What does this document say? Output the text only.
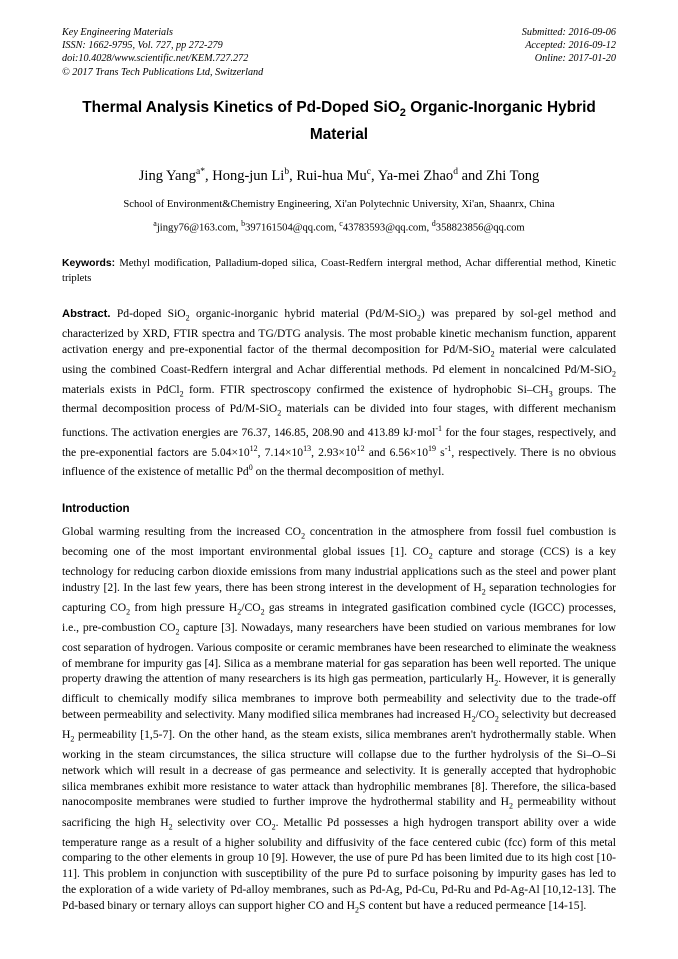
Key Engineering Materials
ISSN: 1662-9795, Vol. 727, pp 272-279
doi:10.4028/www.scientific.net/KEM.727.272
© 2017 Trans Tech Publications Ltd, Switzerland
Submitted: 2016-09-06
Accepted: 2016-09-12
Online: 2017-01-20
Thermal Analysis Kinetics of Pd-Doped SiO$_2$ Organic-Inorganic Hybrid Material
Jing Yang$^{a*}$, Hong-jun Li$^b$, Rui-hua Mu$^c$, Ya-mei Zhao$^d$ and Zhi Tong
School of Environment&Chemistry Engineering, Xi'an Polytechnic University, Xi'an, Shaanrx, China
$^a$jingy76@163.com, $^b$397161504@qq.com, $^c$43783593@qq.com, $^d$358823856@qq.com
Keywords: Methyl modification, Palladium-doped silica, Coast-Redfern intergral method, Achar differential method, Kinetic triplets
Abstract. Pd-doped SiO$_2$ organic-inorganic hybrid material (Pd/M-SiO$_2$) was prepared by sol-gel method and characterized by XRD, FTIR spectra and TG/DTG analysis. The most probable kinetic mechanism function, apparent activation energy and pre-exponential factor of the thermal decomposition for Pd/M-SiO$_2$ material were calculated using the combined Coast-Redfern intergral and Achar differential methods. Pd element in noncalcined Pd/M-SiO$_2$ materials exists in PdCl$_2$ form. FTIR spectroscopy confirmed the existence of hydrophobic $Si-CH_3$ groups. The thermal decomposition process of Pd/M-SiO$_2$ materials can be divided into four stages, with different mechanism functions. The activation energies are 76.37, 146.85, 208.90 and 413.89 kJ·mol$^{-1}$ for the four stages, respectively, and the pre-exponential factors are $5.04\times 10^{12}$, $7.14\times 10^{13}$, $2.93\times 10^{12}$ and $6.56\times 10^{19}$ $s^{-1}$, respectively. There is no obvious influence of the existence of metallic Pd$^0$ on the thermal decomposition of methyl.
Introduction
Global warming resulting from the increased $CO_2$ concentration in the atmosphere from fossil fuel combustion is becoming one of the most important environmental global issues [1]. $CO_2$ capture and storage (CCS) is a key technology for reducing carbon dioxide emissions from many industrial applications such as the steel and power plant industry [2]. In the last few years, there has been strong interest in the development of $H_2$ separation technologies for capturing $CO_2$ from high pressure $H_2/CO_2$ gas streams in integrated gasification combined cycle (IGCC) processes, i.e., pre-combustion $CO_2$ capture [3]. Nowadays, many researchers have been studied on various membranes for low cost separation of hydrogen. Various composite or ceramic membranes have been researched to eliminate the weakness of membrane for impurity gas [4]. Silica as a membrane material for gas separation has been well reported. The unique property drawing the attention of many researchers is its high gas permeation, particularly $H_2$. However, it is generally difficult to chemically modify silica membranes to improve both permeability and selectivity due to the trade-off between permeability and selectivity. Many modified silica membranes had increased $H_2/CO_2$ selectivity but decreased $H_2$ permeability [1,5-7]. On the other hand, as the steam exists, silica membranes aren't hydrothermally stable. When working in the steam circumstances, the silica structure will collapse due to the further hydrolysis of the Si–O–Si network which will result in a decrease of gas permeance and selectivity. It is generally accepted that hydrophobic silica membranes exhibit more resistance to water attack than hydrophilic membranes [8]. Therefore, the silica-based nanocomposite membranes were studied to further improve the hydrothermal stability and $H_2$ permeability without sacrificing the high $H_2$ selectivity over $CO_2$. Metallic Pd possesses a high hydrogen transport ability over a wide temperature range as a result of a higher solubility and diffusivity of the face centered cubic (fcc) form of this metal comparing to the other elements in group 10 [9]. However, the use of pure Pd has been limited due to its high cost [10-11]. This problem in conjunction with susceptibility of the pure Pd to surface poisoning by impurity gases has led to the exploration of a wide variety of Pd-alloy membranes, such as Pd-Ag, Pd-Cu, Pd-Ru and Pd-Ag-Al [10,12-13]. The Pd-based binary or ternary alloys can support higher CO and $H_2S$ content but have a reduced permeance [14-15].
